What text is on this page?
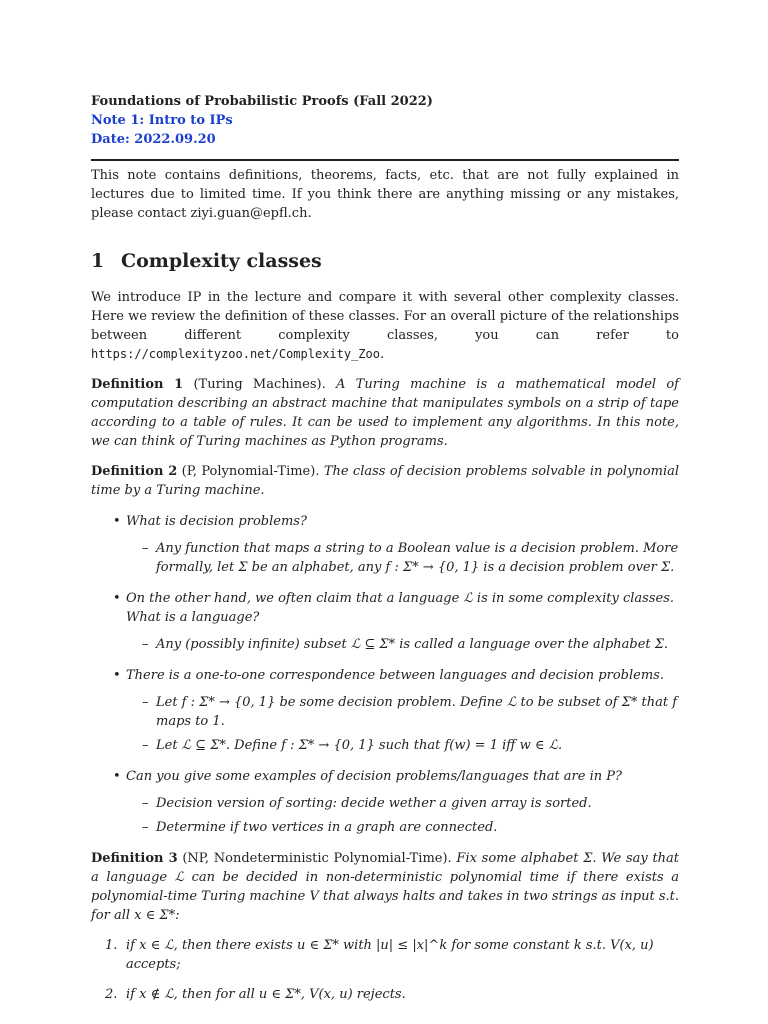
Foundations of Probabilistic Proofs (Fall 2022)
Note 1: Intro to IPs
Date: 2022.09.20

This note contains definitions, theorems, facts, etc. that are not fully explained in lectures due to limited time. If you think there are anything missing or any mistakes, please contact ziyi.guan@epfl.ch.

1 Complexity classes

We introduce IP in the lecture and compare it with several other complexity classes. Here we review the definition of these classes. For an overall picture of the relationships between different complexity classes, you can refer to https://complexityzoo.net/Complexity_Zoo.

Definition 1 (Turing Machines). A Turing machine is a mathematical model of computation describing an abstract machine that manipulates symbols on a strip of tape according to a table of rules. It can be used to implement any algorithms. In this note, we can think of Turing machines as Python programs.

Definition 2 (P, Polynomial-Time). The class of decision problems solvable in polynomial time by a Turing machine.

• What is decision problems?
– Any function that maps a string to a Boolean value is a decision problem. More formally, let Σ be an alphabet, any f : Σ* → {0, 1} is a decision problem over Σ.
• On the other hand, we often claim that a language ℒ is in some complexity classes. What is a language?
– Any (possibly infinite) subset ℒ ⊆ Σ* is called a language over the alphabet Σ.
• There is a one-to-one correspondence between languages and decision problems.
– Let f : Σ* → {0, 1} be some decision problem. Define ℒ to be subset of Σ* that f maps to 1.
– Let ℒ ⊆ Σ*. Define f : Σ* → {0, 1} such that f(w) = 1 iff w ∈ ℒ.
• Can you give some examples of decision problems/languages that are in P?
– Decision version of sorting: decide wether a given array is sorted.
– Determine if two vertices in a graph are connected.

Definition 3 (NP, Nondeterministic Polynomial-Time). Fix some alphabet Σ. We say that a language ℒ can be decided in non-deterministic polynomial time if there exists a polynomial-time Turing machine V that always halts and takes in two strings as input s.t. for all x ∈ Σ*:

1. if x ∈ ℒ, then there exists u ∈ Σ* with |u| ≤ |x|^k for some constant k s.t. V(x, u) accepts;
2. if x ∉ ℒ, then for all u ∈ Σ*, V(x, u) rejects.
